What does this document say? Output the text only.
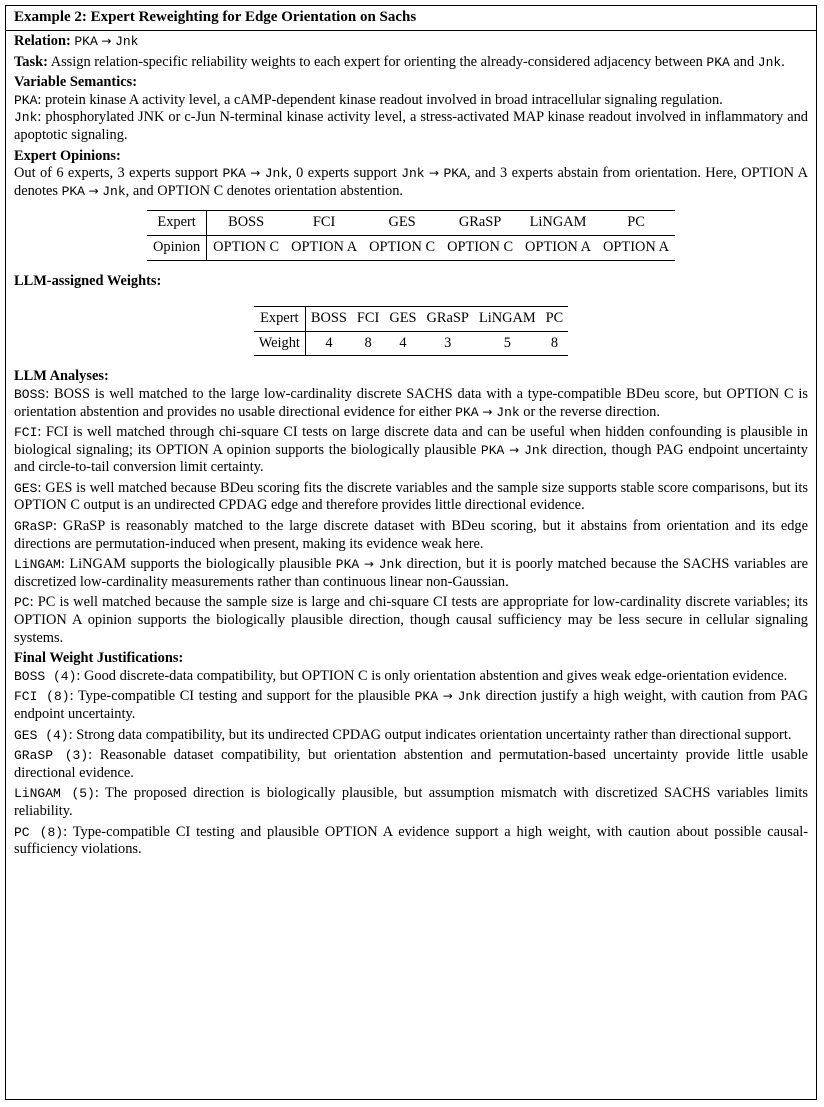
Example 2: Expert Reweighting for Edge Orientation on Sachs

Relation: PKA → Jnk

Task: Assign relation-specific reliability weights to each expert for orienting the already-considered adjacency between PKA and Jnk.

Variable Semantics:

PKA: protein kinase A activity level, a cAMP-dependent kinase readout involved in broad intracellular signaling regulation.

Jnk: phosphorylated JNK or c-Jun N-terminal kinase activity level, a stress-activated MAP kinase readout involved in inflammatory and apoptotic signaling.

Expert Opinions:

Out of 6 experts, 3 experts support PKA → Jnk, 0 experts support Jnk → PKA, and 3 experts abstain from orientation. Here, OPTION A denotes PKA → Jnk, and OPTION C denotes orientation abstention.

Expert	BOSS	FCI	GES	GRaSP	LiNGAM	PC
Opinion	OPTION C	OPTION A	OPTION C	OPTION C	OPTION A	OPTION A
LLM-assigned Weights:
Expert	BOSS	FCI	GES	GRaSP	LiNGAM	PC
Weight	4	8	4	3	5	8
LLM Analyses:

BOSS: BOSS is well matched to the large low-cardinality discrete SACHS data with a type-compatible BDeu score, but OPTION C is orientation abstention and provides no usable directional evidence for either PKA → Jnk or the reverse direction.

FCI: FCI is well matched through chi-square CI tests on large discrete data and can be useful when hidden confounding is plausible in biological signaling; its OPTION A opinion supports the biologically plausible PKA → Jnk direction, though PAG endpoint uncertainty and circle-to-tail conversion limit certainty.

GES: GES is well matched because BDeu scoring fits the discrete variables and the sample size supports stable score comparisons, but its OPTION C output is an undirected CPDAG edge and therefore provides little directional evidence.

GRaSP: GRaSP is reasonably matched to the large discrete dataset with BDeu scoring, but it abstains from orientation and its edge directions are permutation-induced when present, making its evidence weak here.

LiNGAM: LiNGAM supports the biologically plausible PKA → Jnk direction, but it is poorly matched because the SACHS variables are discretized low-cardinality measurements rather than continuous linear non-Gaussian.

PC: PC is well matched because the sample size is large and chi-square CI tests are appropriate for low-cardinality discrete variables; its OPTION A opinion supports the biologically plausible direction, though causal sufficiency may be less secure in cellular signaling systems.

Final Weight Justifications:

BOSS (4): Good discrete-data compatibility, but OPTION C is only orientation abstention and gives weak edge-orientation evidence.

FCI (8): Type-compatible CI testing and support for the plausible PKA → Jnk direction justify a high weight, with caution from PAG endpoint uncertainty.

GES (4): Strong data compatibility, but its undirected CPDAG output indicates orientation uncertainty rather than directional support.

GRaSP (3): Reasonable dataset compatibility, but orientation abstention and permutation-based uncertainty provide little usable directional evidence.

LiNGAM (5): The proposed direction is biologically plausible, but assumption mismatch with discretized SACHS variables limits reliability.

PC (8): Type-compatible CI testing and plausible OPTION A evidence support a high weight, with caution about possible causal-sufficiency violations.
